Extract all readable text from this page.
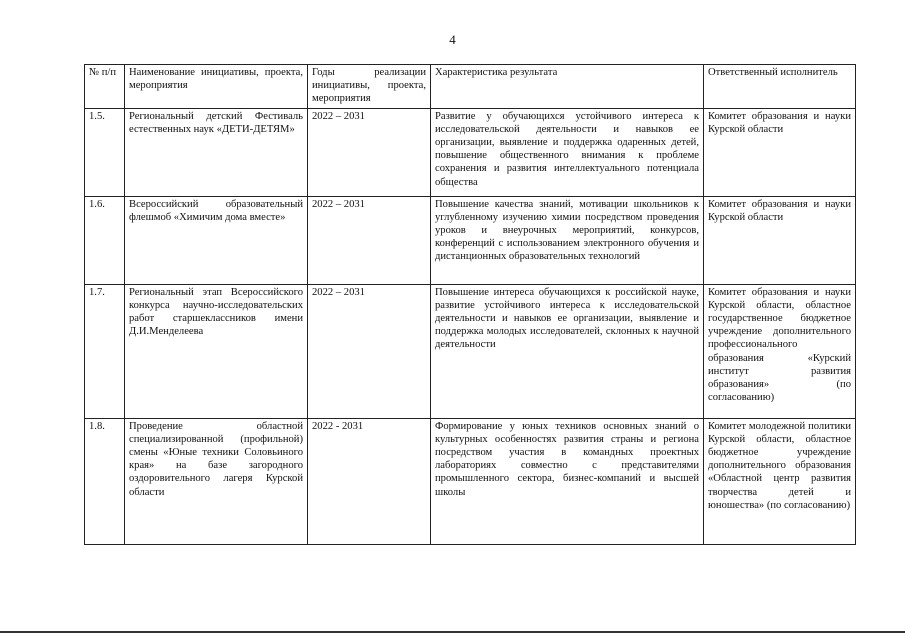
4
№ п/п	Наименование инициативы, проекта, мероприятия	Годы реализации инициативы, проекта, мероприятия	Характеристика результата	Ответственный исполнитель
1.5.	Региональный детский Фестиваль естественных наук «ДЕТИ-ДЕТЯМ»	2022 – 2031	Развитие у обучающихся устойчивого интереса к исследовательской деятельности и навыков ее организации, выявление и поддержка одаренных детей, повышение общественного внимания к проблеме сохранения и развития интеллектуального потенциала общества	Комитет образования и науки Курской области
1.6.	Всероссийский образовательный флешмоб «Химичим дома вместе»	2022 – 2031	Повышение качества знаний, мотивации школьников к углубленному изучению химии посредством проведения уроков и внеурочных мероприятий, конкурсов, конференций с использованием электронного обучения и дистанционных образовательных технологий	Комитет образования и науки Курской области
1.7.	Региональный этап Всероссийского конкурса научно-исследовательских работ старшеклассников имени Д.И.Менделеева	2022 – 2031	Повышение интереса обучающихся к российской науке, развитие устойчивого интереса к исследовательской деятельности и навыков ее организации, выявление и поддержка молодых исследователей, склонных к научной деятельности	Комитет образования и науки Курской области, областное государственное бюджетное учреждение дополнительного профессионального образования «Курский институт развития образования» (по согласованию)
1.8.	Проведение областной специализированной (профильной) смены «Юные техники Соловьиного края» на базе загородного оздоровительного лагеря Курской области	2022 - 2031	Формирование у юных техников основных знаний о культурных особенностях развития страны и региона посредством участия в командных проектных лабораториях совместно с представителями промышленного сектора, бизнес-компаний и высшей школы	Комитет молодежной политики Курской области, областное бюджетное учреждение дополнительного образования «Областной центр развития творчества детей и юношества» (по согласованию)
